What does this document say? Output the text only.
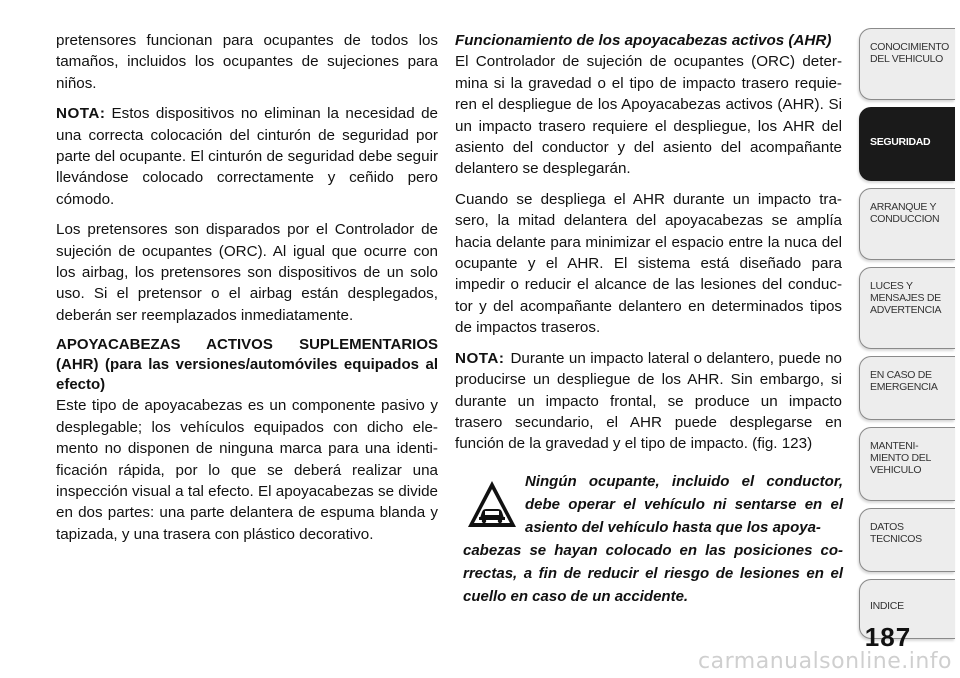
pretensores funcionan para ocupantes de todos los tamaños, incluidos los ocupantes de sujeciones para niños.

NOTA: Estos dispositivos no eliminan la necesidad de una correcta colocación del cinturón de seguridad por parte del ocupante. El cinturón de seguridad debe seguir llevándose colocado correctamente y ceñido pero cómodo.

Los pretensores son disparados por el Controlador de sujeción de ocupantes (ORC). Al igual que ocurre con los airbag, los pretensores son dispositivos de un solo uso. Si el pretensor o el airbag están desplegados, deberán ser reemplazados inmediatamente.

APOYACABEZAS ACTIVOS SUPLEMENTARIOS (AHR) (para las versiones/automóviles equipados al efecto)

Este tipo de apoyacabezas es un componente pasivo y desplegable; los vehículos equipados con dicho ele-mento no disponen de ninguna marca para una identi-ficación rápida, por lo que se deberá realizar una inspección visual a tal efecto. El apoyacabezas se divide en dos partes: una parte delantera de espuma blanda y tapizada, y una trasera con plástico decorativo.

Funcionamiento de los apoyacabezas activos (AHR)

El Controlador de sujeción de ocupantes (ORC) deter-mina si la gravedad o el tipo de impacto trasero requie-ren el despliegue de los Apoyacabezas activos (AHR). Si un impacto trasero requiere el despliegue, los AHR del asiento del conductor y del asiento del acompañante delantero se desplegarán.

Cuando se despliega el AHR durante un impacto tra-sero, la mitad delantera del apoyacabezas se amplía hacia delante para minimizar el espacio entre la nuca del ocupante y el AHR. El sistema está diseñado para impedir o reducir el alcance de las lesiones del conduc-tor y del acompañante delantero en determinados tipos de impactos traseros.

NOTA: Durante un impacto lateral o delantero, puede no producirse un despliegue de los AHR. Sin embargo, si durante un impacto frontal, se produce un impacto trasero secundario, el AHR puede desplegarse en función de la gravedad y el tipo de impacto. (fig. 123)

Ningún ocupante, incluido el conductor, debe operar el vehículo ni sentarse en el asiento del vehículo hasta que los apoya-
cabezas se hayan colocado en las posiciones co-rrectas, a fin de reducir el riesgo de lesiones en el cuello en caso de un accidente.
CONOCIMIENTO
DEL VEHICULO
SEGURIDAD
ARRANQUE Y
CONDUCCION
LUCES Y
MENSAJES DE
ADVERTENCIA
EN CASO DE
EMERGENCIA
MANTENI-
MIENTO DEL
VEHICULO
DATOS
TECNICOS
INDICE
187
carmanualsonline.info
